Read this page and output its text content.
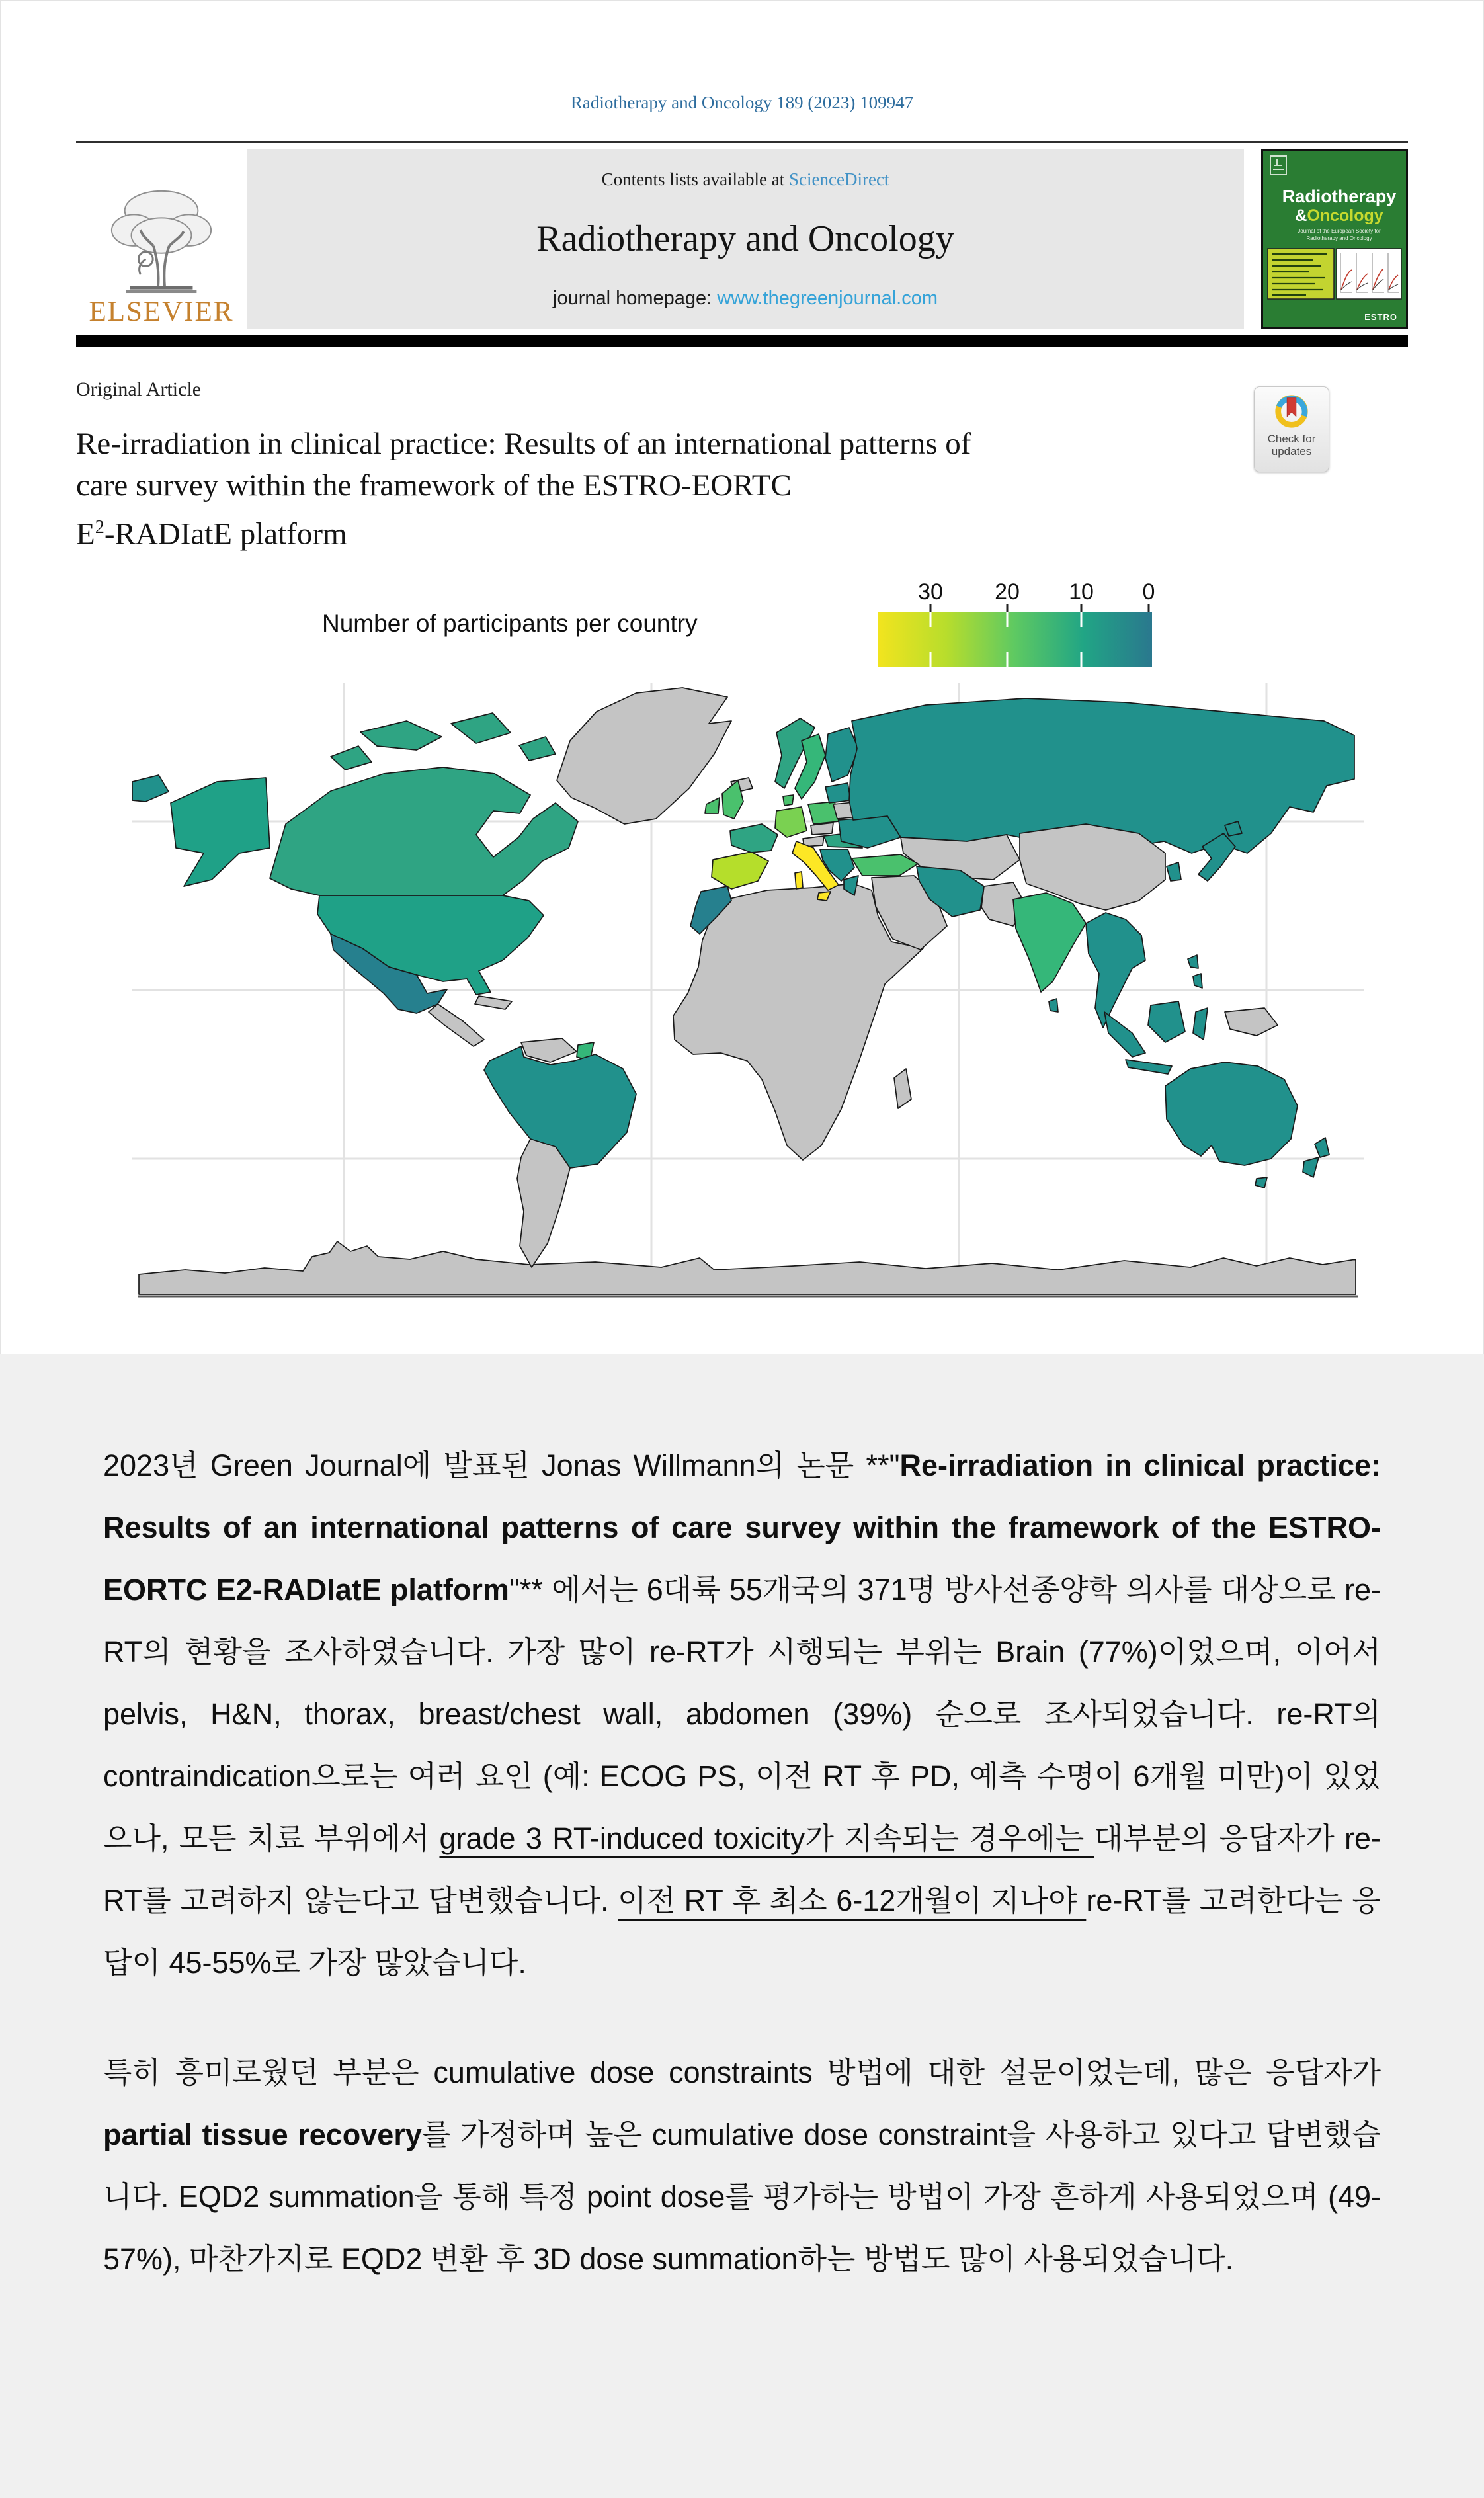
Radiotherapy and Oncology 189 (2023) 109947
ELSEVIER
Contents lists available at ScienceDirect
Radiotherapy and Oncology
journal homepage: www.thegreenjournal.com
Radiotherapy
&Oncology
Journal of the European Society for
Radiotherapy and Oncology
ESTRO
Original Article
Re-irradiation in clinical practice: Results of an international patterns of
care survey within the framework of the ESTRO-EORTC
$E^2$-RADIatE platform
Check for
updates
Number of participants per country
30 20 10 0

2023년 Green Journal에 발표된 Jonas Willmann의 논문 **"Re-irradiation in clinical practice: Results of an international patterns of care survey within the framework of the ESTRO-EORTC E2-RADIatE platform"** 에서는 6대륙 55개국의 371명 방사선종양학 의사를 대상으로 re-RT의 현황을 조사하였습니다. 가장 많이 re-RT가 시행되는 부위는 Brain (77%)이었으며, 이어서 pelvis, H&N, thorax, breast/chest wall, abdomen (39%) 순으로 조사되었습니다. re-RT의 contraindication으로는 여러 요인 (예: ECOG PS, 이전 RT 후 PD, 예측 수명이 6개월 미만)이 있었으나, 모든 치료 부위에서 grade 3 RT-induced toxicity가 지속되는 경우에는 대부분의 응답자가 re-RT를 고려하지 않는다고 답변했습니다. 이전 RT 후 최소 6-12개월이 지나야 re-RT를 고려한다는 응답이 45-55%로 가장 많았습니다.

특히 흥미로웠던 부분은 cumulative dose constraints 방법에 대한 설문이었는데, 많은 응답자가 partial tissue recovery를 가정하며 높은 cumulative dose constraint을 사용하고 있다고 답변했습니다. EQD2 summation을 통해 특정 point dose를 평가하는 방법이 가장 흔하게 사용되었으며 (49-57%), 마찬가지로 EQD2 변환 후 3D dose summation하는 방법도 많이 사용되었습니다.
